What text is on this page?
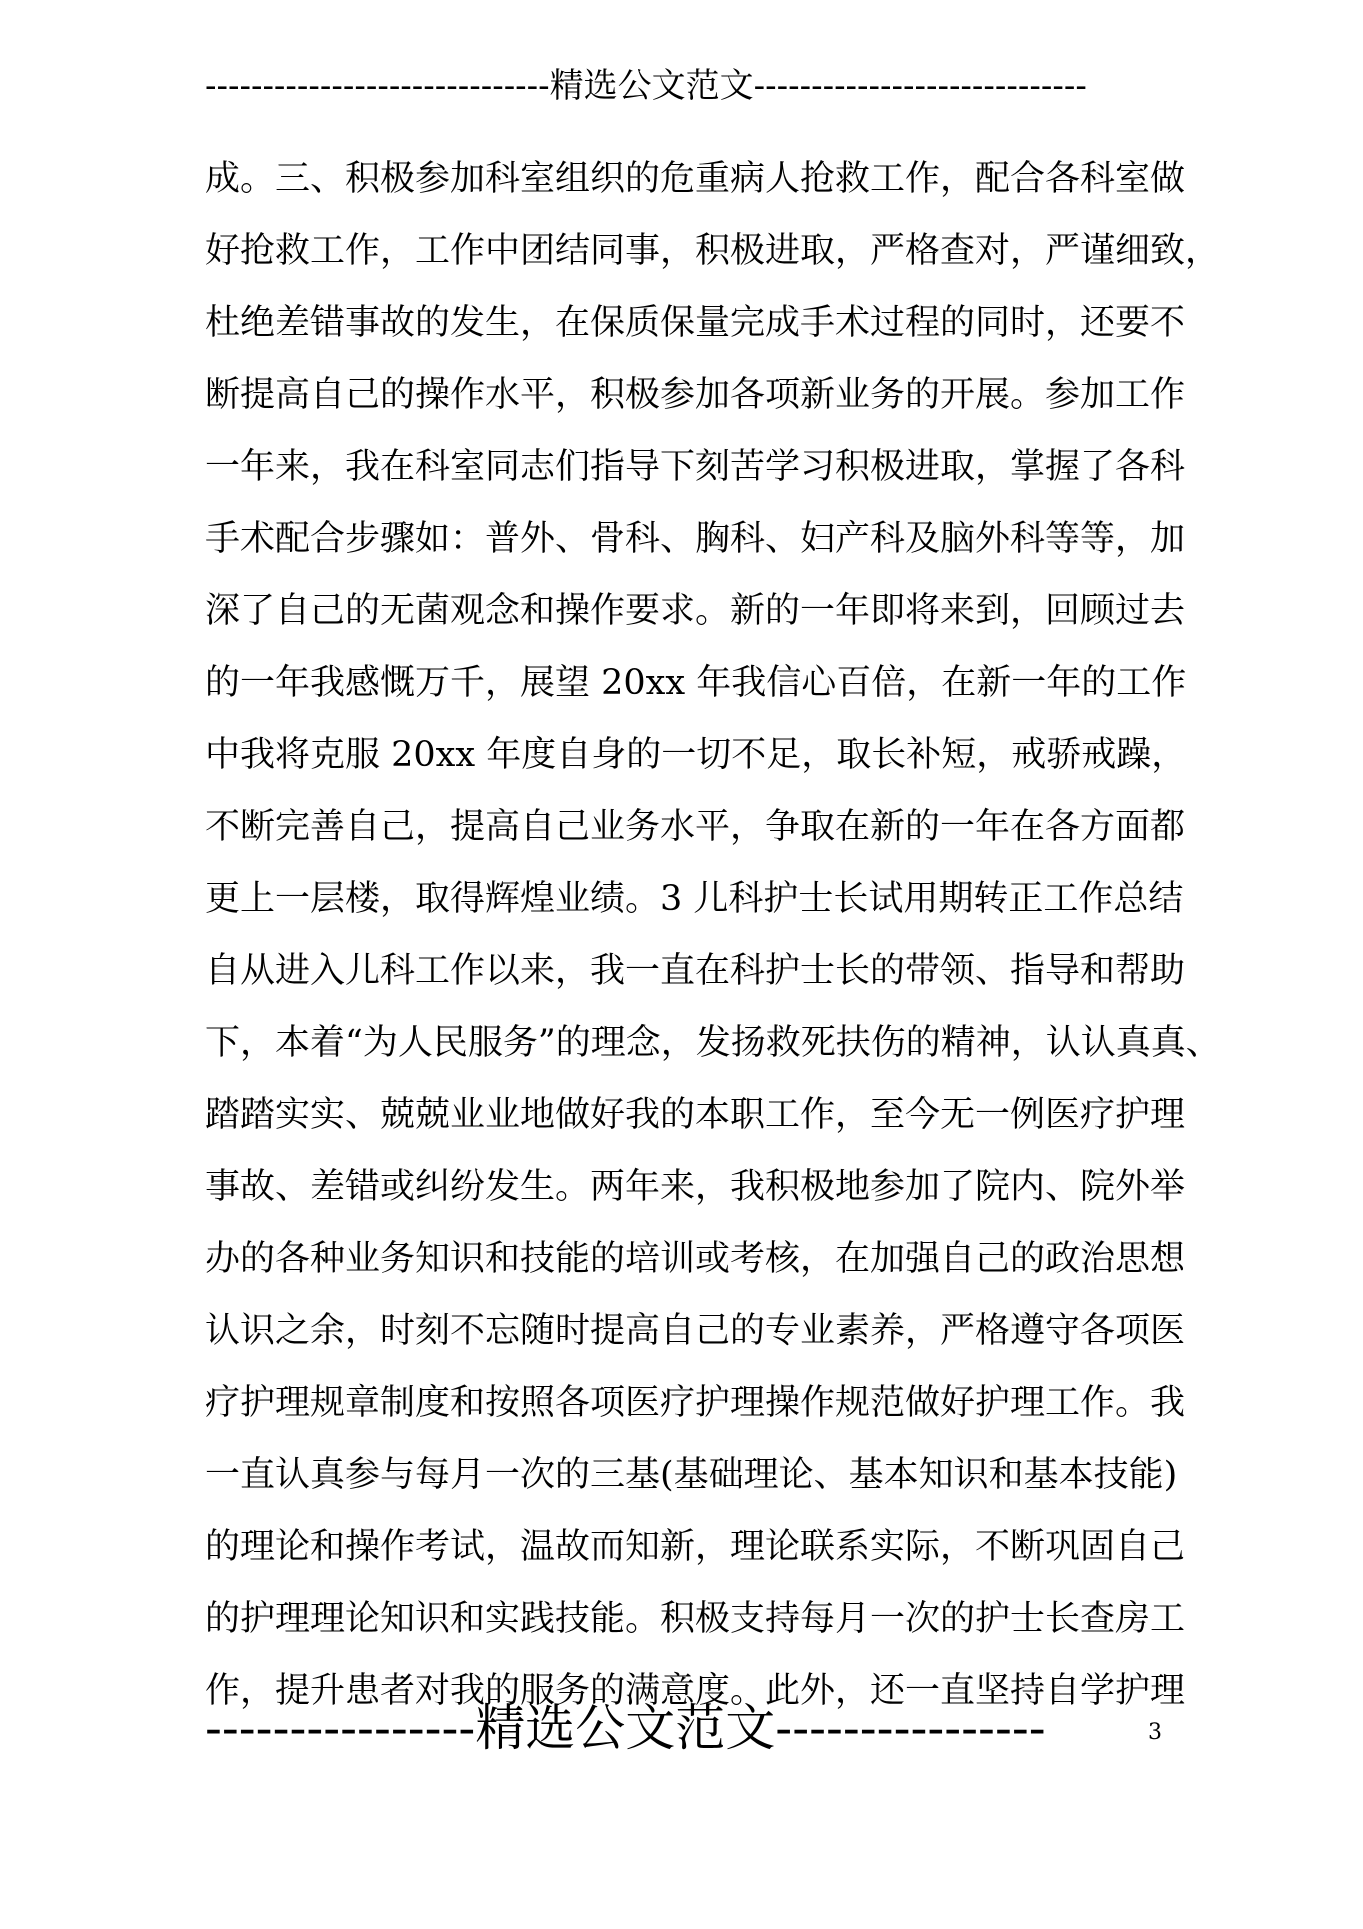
------------------------------精选公文范文-----------------------------
成。三、积极参加科室组织的危重病人抢救工作，配合各科室做
好抢救工作，工作中团结同事，积极进取，严格查对，严谨细致，
杜绝差错事故的发生，在保质保量完成手术过程的同时，还要不
断提高自己的操作水平，积极参加各项新业务的开展。参加工作
一年来，我在科室同志们指导下刻苦学习积极进取，掌握了各科
手术配合步骤如：普外、骨科、胸科、妇产科及脑外科等等，加
深了自己的无菌观念和操作要求。新的一年即将来到，回顾过去
的一年我感慨万千，展望 20xx 年我信心百倍，在新一年的工作
中我将克服 20xx 年度自身的一切不足，取长补短，戒骄戒躁，
不断完善自己，提高自己业务水平，争取在新的一年在各方面都
更上一层楼，取得辉煌业绩。3 儿科护士长试用期转正工作总结
自从进入儿科工作以来，我一直在科护士长的带领、指导和帮助
下，本着“为人民服务”的理念，发扬救死扶伤的精神，认认真真、
踏踏实实、兢兢业业地做好我的本职工作，至今无一例医疗护理
事故、差错或纠纷发生。两年来，我积极地参加了院内、院外举
办的各种业务知识和技能的培训或考核，在加强自己的政治思想
认识之余，时刻不忘随时提高自己的专业素养，严格遵守各项医
疗护理规章制度和按照各项医疗护理操作规范做好护理工作。我
一直认真参与每月一次的三基(基础理论、基本知识和基本技能)
的理论和操作考试，温故而知新，理论联系实际，不断巩固自己
的护理理论知识和实践技能。积极支持每月一次的护士长查房工
作，提升患者对我的服务的满意度。此外，还一直坚持自学护理
----------------精选公文范文----------------	3
